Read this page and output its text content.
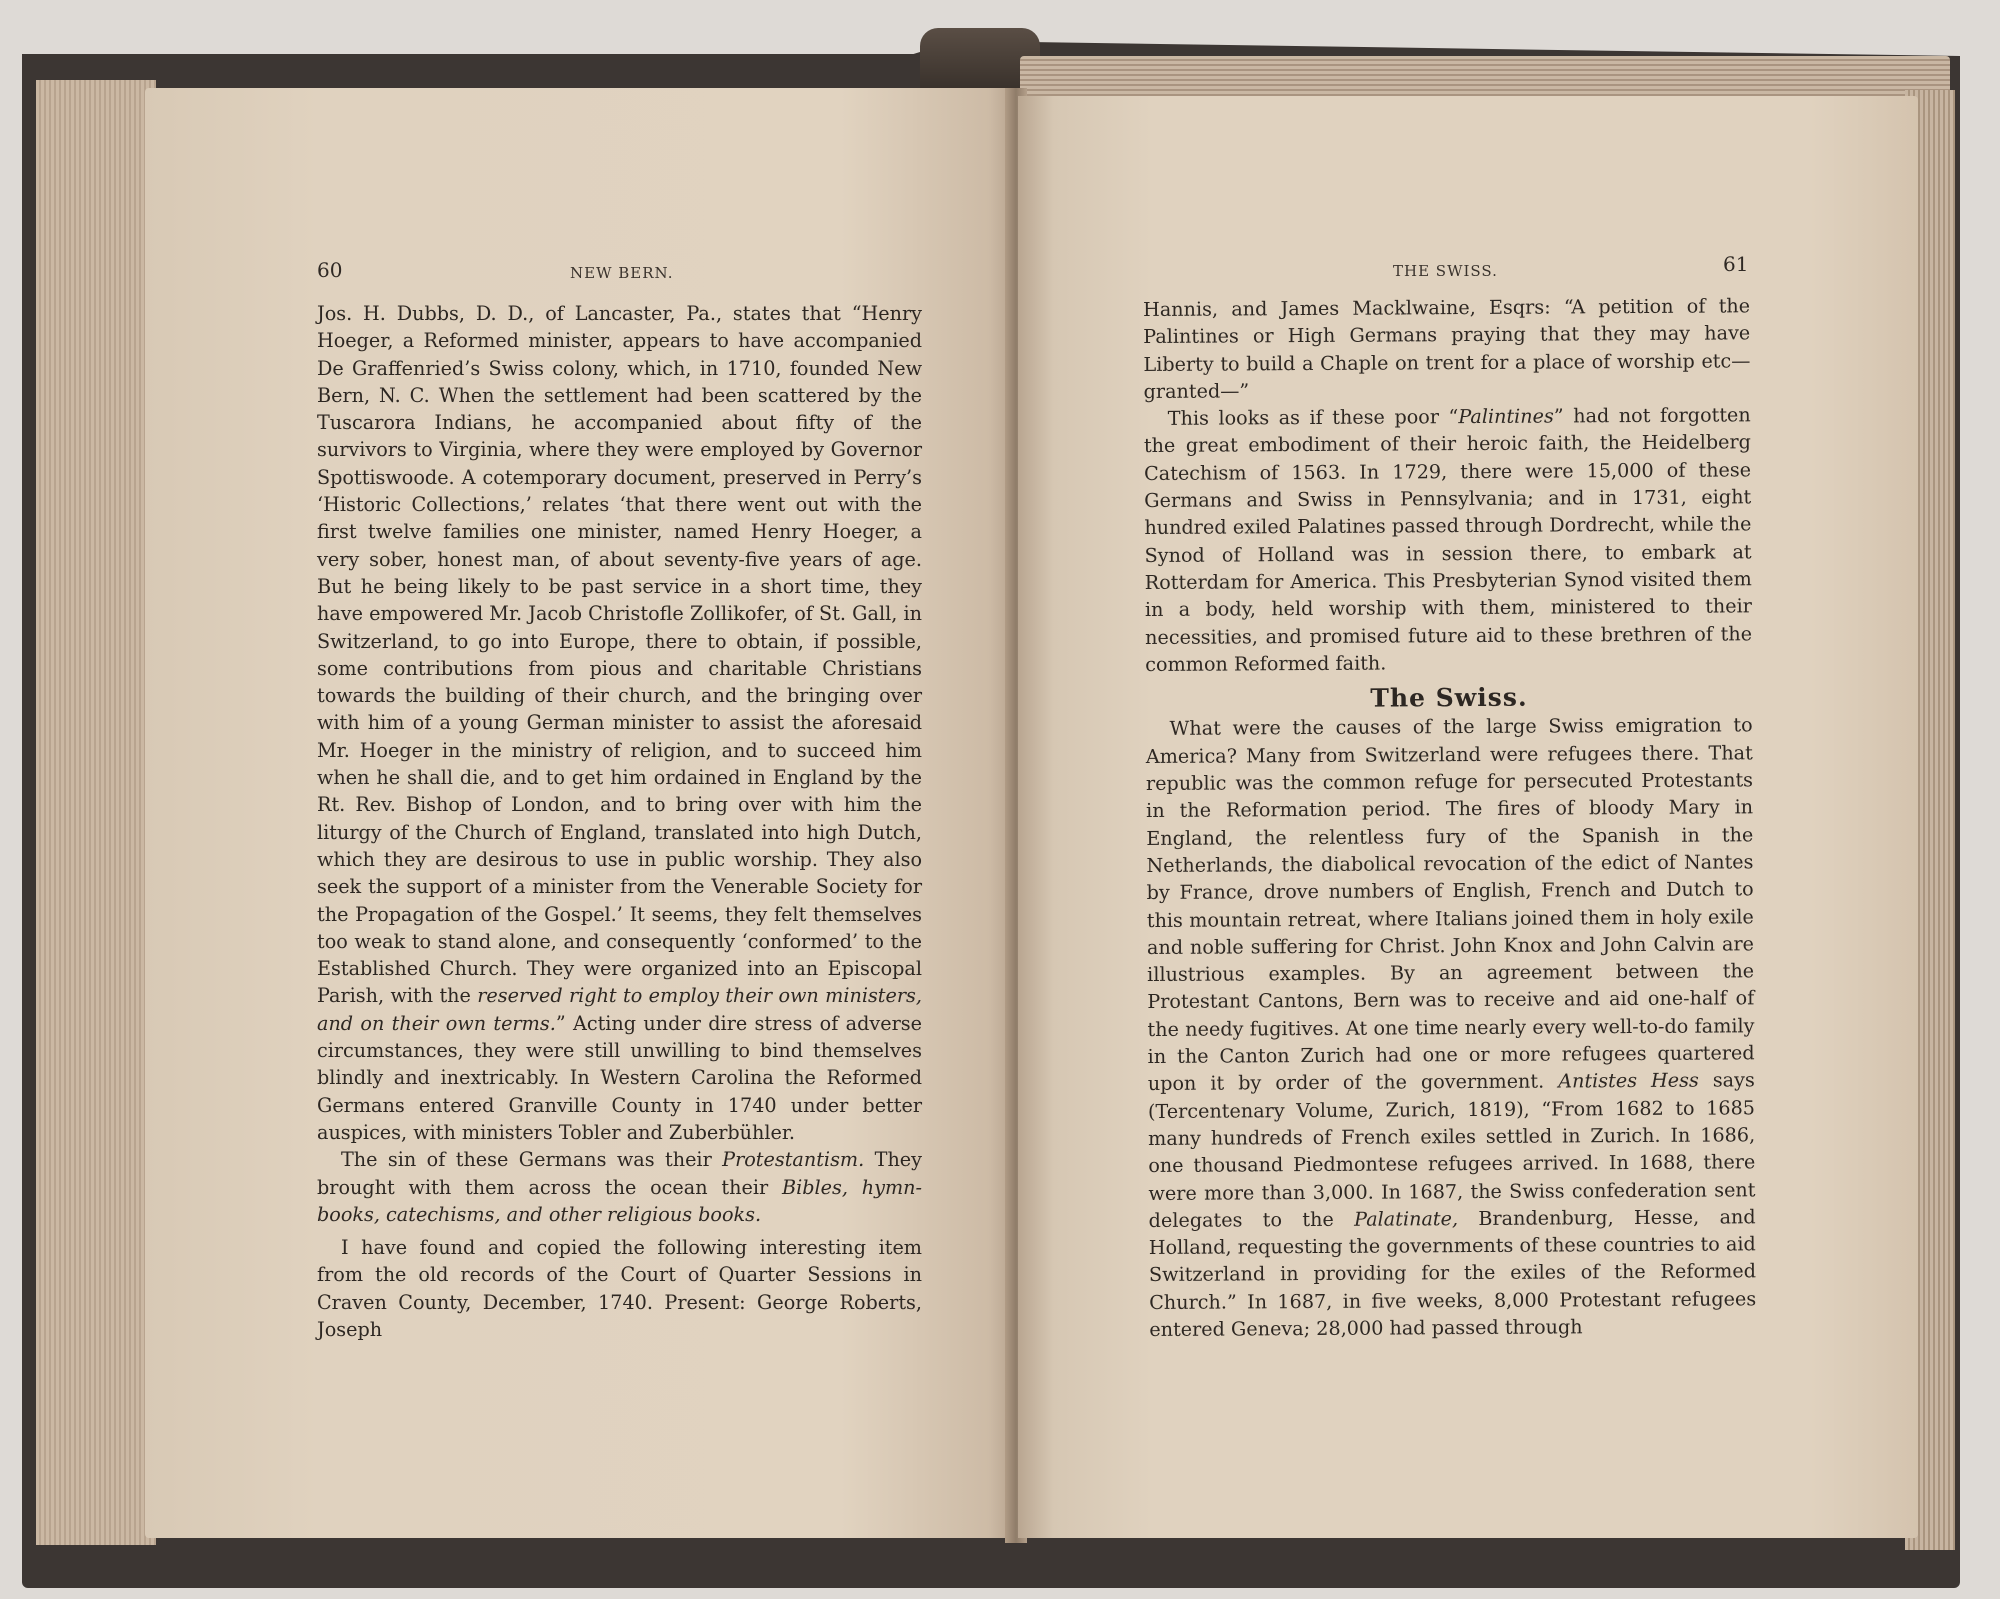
60	NEW BERN.

Jos. H. Dubbs, D. D., of Lancaster, Pa., states that “Henry Hoeger, a Reformed minister, appears to have accompanied De Graffenried’s Swiss colony, which, in 1710, founded New Bern, N. C. When the settlement had been scattered by the Tuscarora Indians, he accompanied about fifty of the survivors to Virginia, where they were employed by Governor Spottiswoode. A cotemporary document, preserved in Perry’s ‘Historic Collections,’ relates ‘that there went out with the first twelve families one minister, named Henry Hoeger, a very sober, honest man, of about seventy-five years of age. But he being likely to be past service in a short time, they have empowered Mr. Jacob Christofle Zollikofer, of St. Gall, in Switzerland, to go into Europe, there to obtain, if possible, some contributions from pious and charitable Christians towards the building of their church, and the bringing over with him of a young German minister to assist the aforesaid Mr. Hoeger in the ministry of religion, and to succeed him when he shall die, and to get him ordained in England by the Rt. Rev. Bishop of London, and to bring over with him the liturgy of the Church of England, translated into high Dutch, which they are desirous to use in public worship. They also seek the support of a minister from the Venerable Society for the Propagation of the Gospel.’ It seems, they felt themselves too weak to stand alone, and consequently ‘conformed’ to the Established Church. They were organized into an Episcopal Parish, with the reserved right to employ their own ministers, and on their own terms.” Acting under dire stress of adverse circumstances, they were still unwilling to bind themselves blindly and inextricably. In Western Carolina the Reformed Germans entered Granville County in 1740 under better auspices, with ministers Tobler and Zuberbühler.

The sin of these Germans was their Protestantism. They brought with them across the ocean their Bibles, hymn-books, catechisms, and other religious books.

I have found and copied the following interesting item from the old records of the Court of Quarter Sessions in Craven County, December, 1740. Present: George Roberts, Joseph

THE SWISS.	61

Hannis, and James Macklwaine, Esqrs: “A petition of the Palintines or High Germans praying that they may have Liberty to build a Chaple on trent for a place of worship etc—granted—”

This looks as if these poor “Palintines” had not forgotten the great embodiment of their heroic faith, the Heidelberg Catechism of 1563. In 1729, there were 15,000 of these Germans and Swiss in Pennsylvania; and in 1731, eight hundred exiled Palatines passed through Dordrecht, while the Synod of Holland was in session there, to embark at Rotterdam for America. This Presbyterian Synod visited them in a body, held worship with them, ministered to their necessities, and promised future aid to these brethren of the common Reformed faith.

The Swiss.

What were the causes of the large Swiss emigration to America? Many from Switzerland were refugees there. That republic was the common refuge for persecuted Protestants in the Reformation period. The fires of bloody Mary in England, the relentless fury of the Spanish in the Netherlands, the diabolical revocation of the edict of Nantes by France, drove numbers of English, French and Dutch to this mountain retreat, where Italians joined them in holy exile and noble suffering for Christ. John Knox and John Calvin are illustrious examples. By an agreement between the Protestant Cantons, Bern was to receive and aid one-half of the needy fugitives. At one time nearly every well-to-do family in the Canton Zurich had one or more refugees quartered upon it by order of the government. Antistes Hess says (Tercentenary Volume, Zurich, 1819), “From 1682 to 1685 many hundreds of French exiles settled in Zurich. In 1686, one thousand Piedmontese refugees arrived. In 1688, there were more than 3,000. In 1687, the Swiss confederation sent delegates to the Palatinate, Brandenburg, Hesse, and Holland, requesting the governments of these countries to aid Switzerland in providing for the exiles of the Reformed Church.” In 1687, in five weeks, 8,000 Protestant refugees entered Geneva; 28,000 had passed through
